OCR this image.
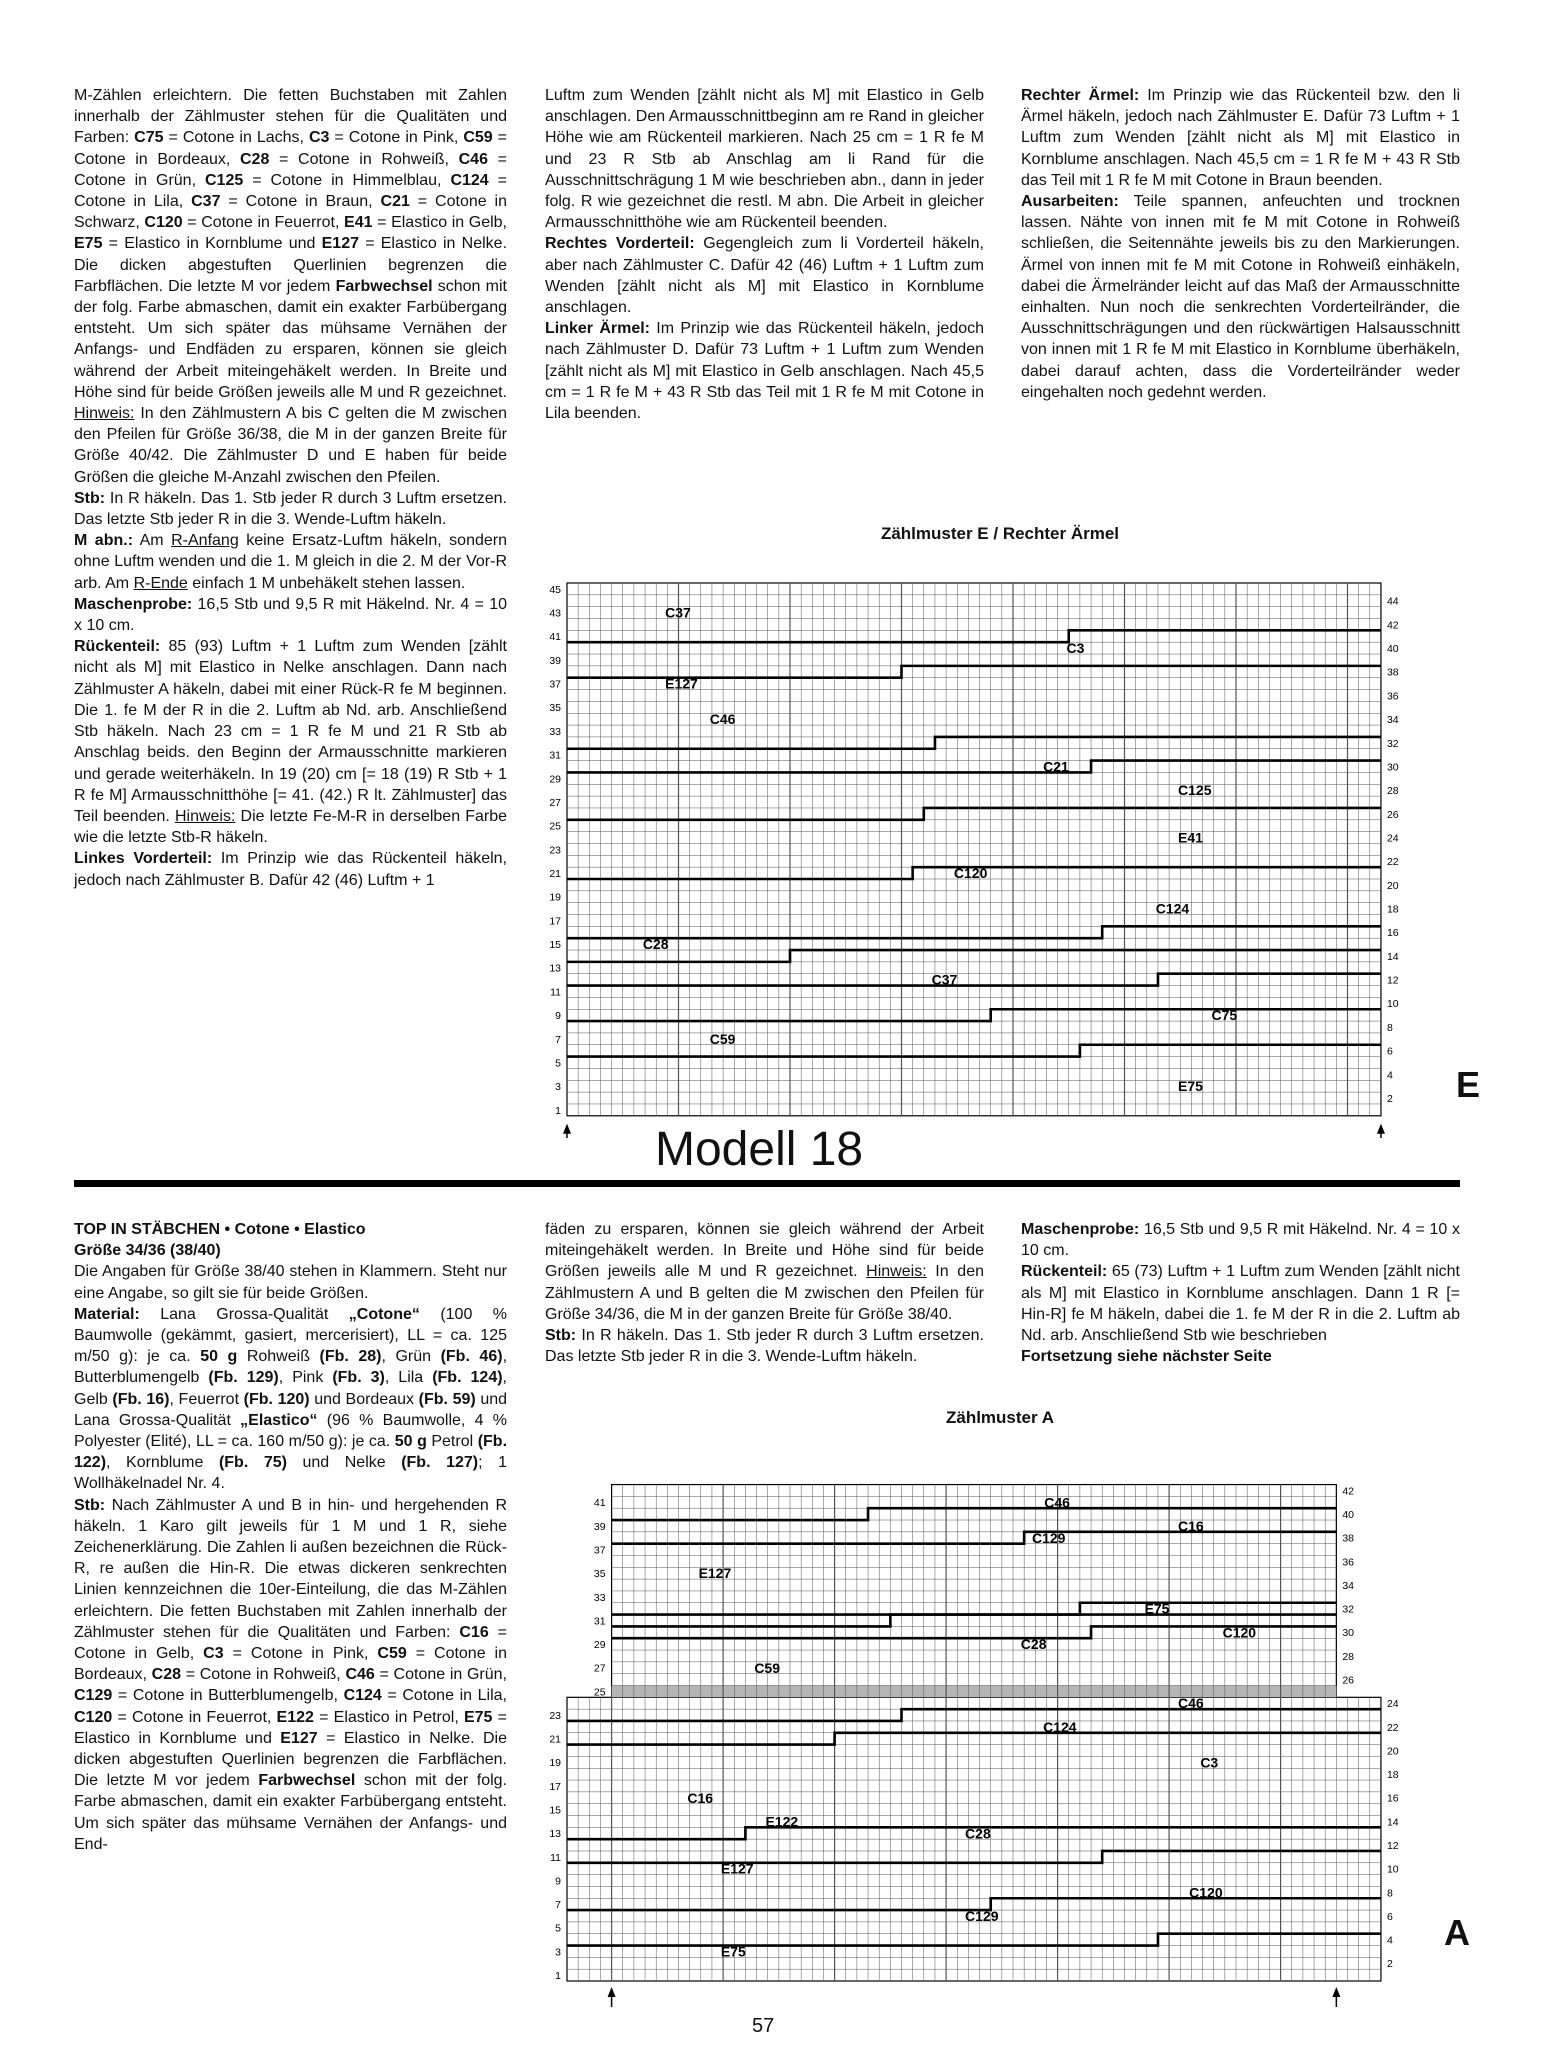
M-Zählen erleichtern. Die fetten Buchstaben mit Zahlen innerhalb der Zählmuster stehen für die Qualitäten und Farben: C75 = Cotone in Lachs, C3 = Cotone in Pink, C59 = Cotone in Bordeaux, C28 = Cotone in Rohweiß, C46 = Cotone in Grün, C125 = Cotone in Himmelblau, C124 = Cotone in Lila, C37 = Cotone in Braun, C21 = Cotone in Schwarz, C120 = Cotone in Feuerrot, E41 = Elastico in Gelb, E75 = Elastico in Kornblume und E127 = Elastico in Nelke. Die dicken abgestuften Querlinien begrenzen die Farbflächen. Die letzte M vor jedem Farbwechsel schon mit der folg. Farbe abmaschen, damit ein exakter Farbübergang entsteht. Um sich später das mühsame Vernähen der Anfangs- und Endfäden zu ersparen, können sie gleich während der Arbeit miteingehäkelt werden. In Breite und Höhe sind für beide Größen jeweils alle M und R gezeichnet. Hinweis: In den Zählmustern A bis C gelten die M zwischen den Pfeilen für Größe 36/38, die M in der ganzen Breite für Größe 40/42. Die Zählmuster D und E haben für beide Größen die gleiche M-Anzahl zwischen den Pfeilen.

Stb: In R häkeln. Das 1. Stb jeder R durch 3 Luftm ersetzen. Das letzte Stb jeder R in die 3. Wende-Luftm häkeln.

M abn.: Am R-Anfang keine Ersatz-Luftm häkeln, sondern ohne Luftm wenden und die 1. M gleich in die 2. M der Vor-R arb. Am R-Ende einfach 1 M unbehäkelt stehen lassen.

Maschenprobe: 16,5 Stb und 9,5 R mit Häkelnd. Nr. 4 = 10 x 10 cm.

Rückenteil: 85 (93) Luftm + 1 Luftm zum Wenden [zählt nicht als M] mit Elastico in Nelke anschlagen. Dann nach Zählmuster A häkeln, dabei mit einer Rück-R fe M beginnen. Die 1. fe M der R in die 2. Luftm ab Nd. arb. Anschließend Stb häkeln. Nach 23 cm = 1 R fe M und 21 R Stb ab Anschlag beids. den Beginn der Armausschnitte markieren und gerade weiterhäkeln. In 19 (20) cm [= 18 (19) R Stb + 1 R fe M] Armausschnitthöhe [= 41. (42.) R lt. Zählmuster] das Teil beenden. Hinweis: Die letzte Fe-M-R in derselben Farbe wie die letzte Stb-R häkeln.

Linkes Vorderteil: Im Prinzip wie das Rückenteil häkeln, jedoch nach Zählmuster B. Dafür 42 (46) Luftm + 1

Luftm zum Wenden [zählt nicht als M] mit Elastico in Gelb anschlagen. Den Armausschnittbeginn am re Rand in gleicher Höhe wie am Rückenteil markieren. Nach 25 cm = 1 R fe M und 23 R Stb ab Anschlag am li Rand für die Ausschnittschrägung 1 M wie beschrieben abn., dann in jeder folg. R wie gezeichnet die restl. M abn. Die Arbeit in gleicher Armausschnitthöhe wie am Rückenteil beenden.

Rechtes Vorderteil: Gegengleich zum li Vorderteil häkeln, aber nach Zählmuster C. Dafür 42 (46) Luftm + 1 Luftm zum Wenden [zählt nicht als M] mit Elastico in Kornblume anschlagen.

Linker Ärmel: Im Prinzip wie das Rückenteil häkeln, jedoch nach Zählmuster D. Dafür 73 Luftm + 1 Luftm zum Wenden [zählt nicht als M] mit Elastico in Gelb anschlagen. Nach 45,5 cm = 1 R fe M + 43 R Stb das Teil mit 1 R fe M mit Cotone in Lila beenden.

Rechter Ärmel: Im Prinzip wie das Rückenteil bzw. den li Ärmel häkeln, jedoch nach Zählmuster E. Dafür 73 Luftm + 1 Luftm zum Wenden [zählt nicht als M] mit Elastico in Kornblume anschlagen. Nach 45,5 cm = 1 R fe M + 43 R Stb das Teil mit 1 R fe M mit Cotone in Braun beenden.

Ausarbeiten: Teile spannen, anfeuchten und trocknen lassen. Nähte von innen mit fe M mit Cotone in Rohweiß schließen, die Seitennähte jeweils bis zu den Markierungen. Ärmel von innen mit fe M mit Cotone in Rohweiß einhäkeln, dabei die Ärmelränder leicht auf das Maß der Armausschnitte einhalten. Nun noch die senkrechten Vorderteilränder, die Ausschnittschrägungen und den rückwärtigen Halsausschnitt von innen mit 1 R fe M mit Elastico in Kornblume überhäkeln, dabei darauf achten, dass die Vorderteilränder weder eingehalten noch gedehnt werden.

Zählmuster E / Rechter Ärmel
1
3
5
7
9
11
13
15
17
19
21
23
25
27
29
31
33
35
37
39
41
43
45
2
4
6
8
10
12
14
16
18
20
22
24
26
28
30
32
34
36
38
40
42
44
C37
C3
E127
C46
C21
C125
E41
C120
C124
C28
C37
C75
C59
E75	E
Modell 18

TOP IN STÄBCHEN • Cotone • Elastico
Größe 34/36 (38/40)

Die Angaben für Größe 38/40 stehen in Klammern. Steht nur eine Angabe, so gilt sie für beide Größen.

Material: Lana Grossa-Qualität „Cotone“ (100 % Baumwolle (gekämmt, gasiert, mercerisiert), LL = ca. 125 m/50 g): je ca. 50 g Rohweiß (Fb. 28), Grün (Fb. 46), Butterblumengelb (Fb. 129), Pink (Fb. 3), Lila (Fb. 124), Gelb (Fb. 16), Feuerrot (Fb. 120) und Bordeaux (Fb. 59) und Lana Grossa-Qualität „Elastico“ (96 % Baumwolle, 4 % Polyester (Elité), LL = ca. 160 m/50 g): je ca. 50 g Petrol (Fb. 122), Kornblume (Fb. 75) und Nelke (Fb. 127); 1 Wollhäkelnadel Nr. 4.

Stb: Nach Zählmuster A und B in hin- und hergehenden R häkeln. 1 Karo gilt jeweils für 1 M und 1 R, siehe Zeichenerklärung. Die Zahlen li außen bezeichnen die Rück-R, re außen die Hin-R. Die etwas dickeren senkrechten Linien kennzeichnen die 10er-Einteilung, die das M-Zählen erleichtern. Die fetten Buchstaben mit Zahlen innerhalb der Zählmuster stehen für die Qualitäten und Farben: C16 = Cotone in Gelb, C3 = Cotone in Pink, C59 = Cotone in Bordeaux, C28 = Cotone in Rohweiß, C46 = Cotone in Grün, C129 = Cotone in Butterblumengelb, C124 = Cotone in Lila, C120 = Cotone in Feuerrot, E122 = Elastico in Petrol, E75 = Elastico in Kornblume und E127 = Elastico in Nelke. Die dicken abgestuften Querlinien begrenzen die Farbflächen. Die letzte M vor jedem Farbwechsel schon mit der folg. Farbe abmaschen, damit ein exakter Farbübergang entsteht. Um sich später das mühsame Vernähen der Anfangs- und End-

fäden zu ersparen, können sie gleich während der Arbeit miteingehäkelt werden. In Breite und Höhe sind für beide Größen jeweils alle M und R gezeichnet. Hinweis: In den Zählmustern A und B gelten die M zwischen den Pfeilen für Größe 34/36, die M in der ganzen Breite für Größe 38/40.

Stb: In R häkeln. Das 1. Stb jeder R durch 3 Luftm ersetzen. Das letzte Stb jeder R in die 3. Wende-Luftm häkeln.

Maschenprobe: 16,5 Stb und 9,5 R mit Häkelnd. Nr. 4 = 10 x 10 cm.

Rückenteil: 65 (73) Luftm + 1 Luftm zum Wenden [zählt nicht als M] mit Elastico in Kornblume anschlagen. Dann 1 R [= Hin-R] fe M häkeln, dabei die 1. fe M der R in die 2. Luftm ab Nd. arb. Anschließend Stb wie beschrieben

Fortsetzung siehe nächster Seite

Zählmuster A
1
3
5
7
9
11
13
15
17
19
21
23
25
27
29
31
33
35
37
39
41
2
4
6
8
10
12
14
16
18
20
22
24
26
28
30
32
34
36
38
40
42
C46
C16
C129
E127
E75
C120
C28
C59
C46
C124
C3
C16
E122
C28
E127
C120
C129
E75	A
57
